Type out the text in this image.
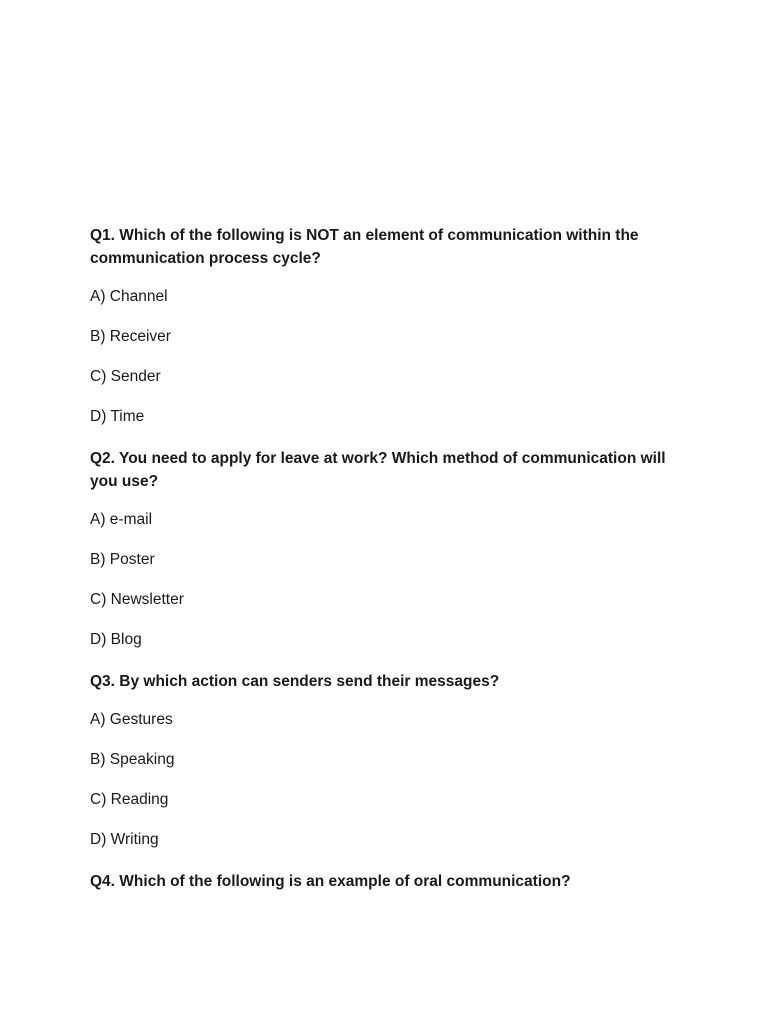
Q1. Which of the following is NOT an element of communication within the communication process cycle?

A) Channel

B) Receiver

C) Sender

D) Time

Q2. You need to apply for leave at work? Which method of communication will you use?

A) e-mail

B) Poster

C) Newsletter

D) Blog

Q3. By which action can senders send their messages?

A) Gestures

B) Speaking

C) Reading

D) Writing

Q4. Which of the following is an example of oral communication?
